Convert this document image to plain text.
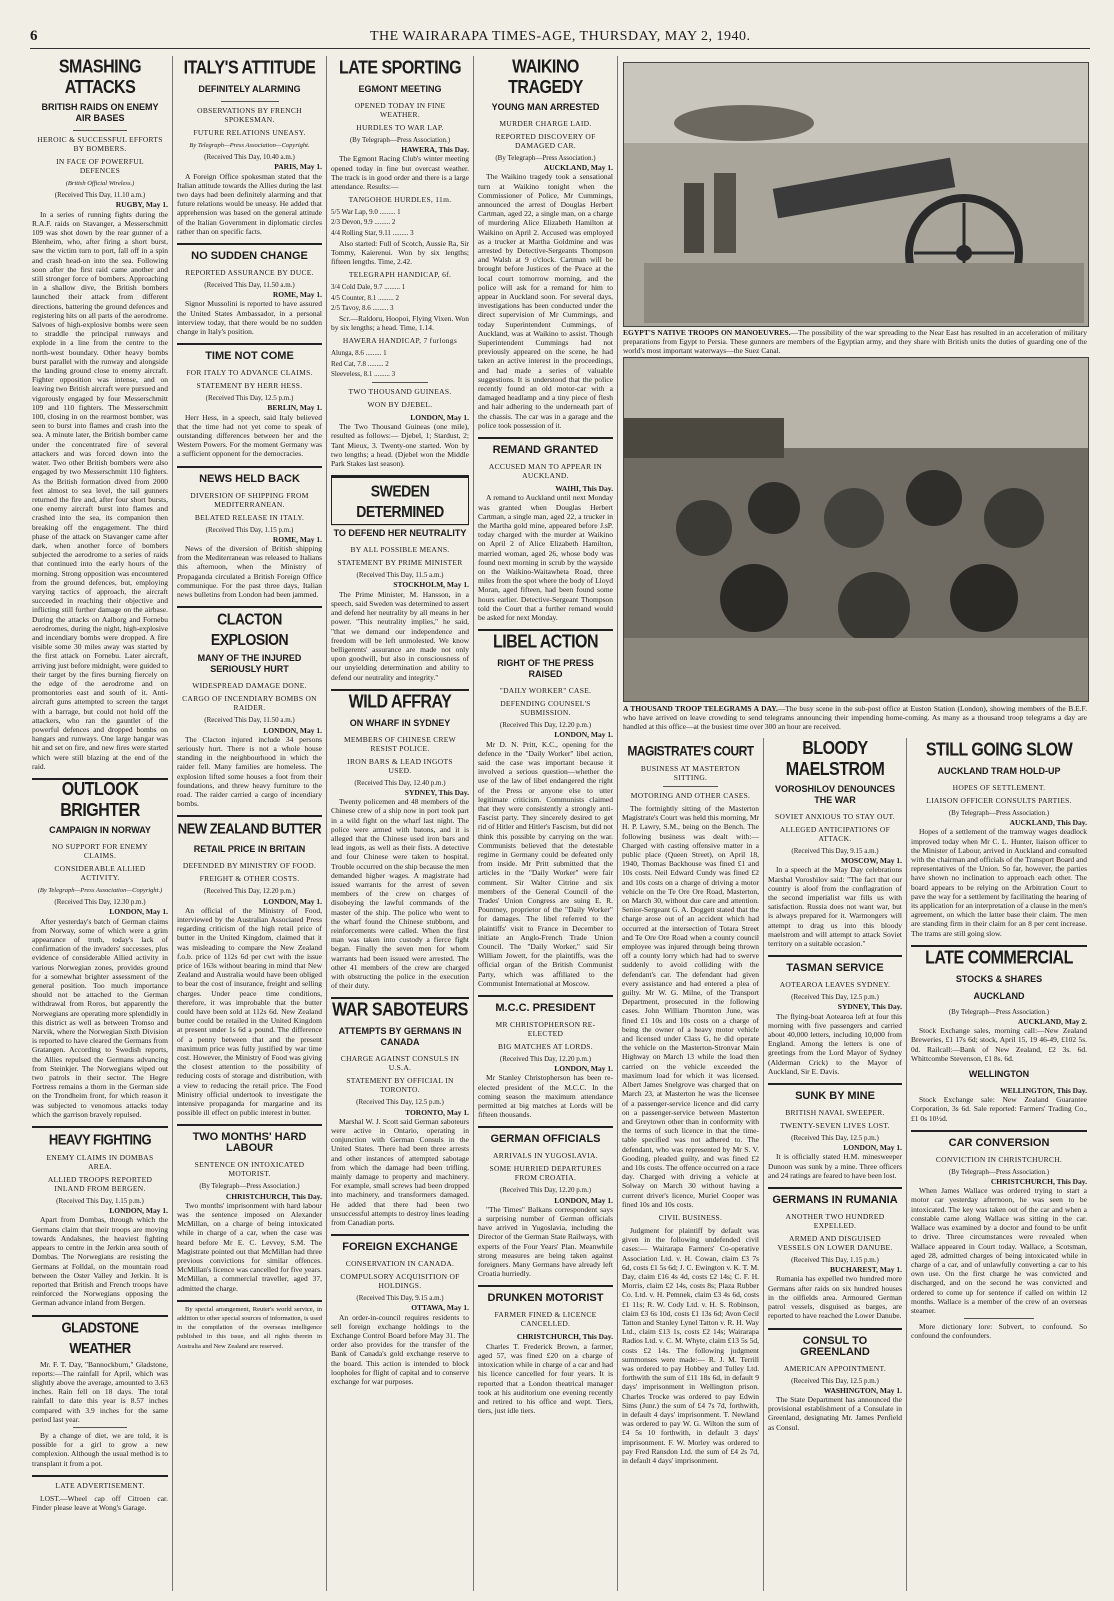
6	THE WAIRARAPA TIMES-AGE, THURSDAY, MAY 2, 1940.
SMASHING ATTACKS
BRITISH RAIDS ON ENEMY AIR BASES
HEROIC & SUCCESSFUL EFFORTS BY BOMBERS.
IN FACE OF POWERFUL DEFENCES
(British Official Wireless.)
(Received This Day, 11.10 a.m.)
RUGBY, May 1.

In a series of running fights during the R.A.F. raids on Stavanger, a Messerschmitt 109 was shot down by the rear gunner of a Blenheim, who, after firing a short burst, saw the victim turn to port, fall off in a spin and crash head-on into the sea. Following soon after the first raid came another and still stronger force of bombers. Approaching in a shallow dive, the British bombers launched their attack from different directions, battering the ground defences and registering hits on all parts of the aerodrome. Salvoes of high-explosive bombs were seen to straddle the principal runways and explode in a line from the centre to the north-west boundary. Other heavy bombs burst parallel with the runway and alongside the landing ground close to enemy aircraft. Fighter opposition was intense, and on leaving two British aircraft were pursued and vigorously engaged by four Messerschmitt 109 and 110 fighters. The Messerschmitt 100, closing in on the rearmost bomber, was seen to burst into flames and crash into the sea. A minute later, the British bomber came under the concentrated fire of several attackers and was forced down into the water. Two other British bombers were also engaged by two Messerschmitt 110 fighters. As the British formation dived from 2000 feet almost to sea level, the tail gunners returned the fire and, after four short bursts, one enemy aircraft burst into flames and crashed into the sea, its companion then breaking off the engagement. The third phase of the attack on Stavanger came after dark, when another force of bombers subjected the aerodrome to a series of raids that continued into the early hours of the morning. Strong opposition was encountered from the ground defences, but, employing varying tactics of approach, the aircraft succeeded in reaching their objective and inflicting still further damage on the airbase. During the attacks on Aalborg and Fornebu aerodromes, during the night, high-explosive and incendiary bombs were dropped. A fire visible some 30 miles away was started by the first attack on Fornebu. Later aircraft, arriving just before midnight, were guided to their target by the fires burning fiercely on the edge of the aerodrome and on promontories east and south of it. Anti-aircraft guns attempted to screen the target with a barrage, but could not hold off the attackers, who ran the gauntlet of the powerful defences and dropped bombs on hangars and runways. One large hangar was hit and set on fire, and new fires were started which were still blazing at the end of the raid.

OUTLOOK BRIGHTER
CAMPAIGN IN NORWAY
NO SUPPORT FOR ENEMY CLAIMS.
CONSIDERABLE ALLIED ACTIVITY.
(By Telegraph—Press Association—Copyright.)
(Received This Day, 12.30 p.m.)
LONDON, May 1.

After yesterday's batch of German claims from Norway, some of which were a grim appearance of truth, today's lack of confirmation of the invaders' successes, plus evidence of considerable Allied activity in various Norwegian zones, provides ground for a somewhat brighter assessment of the general position. Too much importance should not be attached to the German withdrawal from Roros, but apparently the Norwegians are operating more splendidly in this district as well as between Tromso and Narvik, where the Norwegian Sixth Division is reported to have cleared the Germans from Gratangen. According to Swedish reports, the Allies repulsed the Germans advancing from Steinkjer. The Norwegians wiped out two patrols in their sector. The Hegre Fortress remains a thorn in the German side on the Trondheim front, for which reason it was subjected to venomous attacks today which the garrison bravely repulsed.

HEAVY FIGHTING
ENEMY CLAIMS IN DOMBAS AREA.
ALLIED TROOPS REPORTED INLAND FROM BERGEN.
(Received This Day, 1.15 p.m.)
LONDON, May 1.

Apart from Dombas, through which the Germans claim that their troops are moving towards Andalsnes, the heaviest fighting appears to centre in the Jerkin area south of Dombas. The Norwegians are resisting the Germans at Folldal, on the mountain road between the Oster Valley and Jerkin. It is reported that British and French troops have reinforced the Norwegians opposing the German advance inland from Bergen.

GLADSTONE WEATHER

Mr. F. T. Day, "Bannockburn," Gladstone, reports:—The rainfall for April, which was slightly above the average, amounted to 3.63 inches. Rain fell on 18 days. The total rainfall to date this year is 8.57 inches compared with 3.9 inches for the same period last year.

By a change of diet, we are told, it is possible for a girl to grow a new complexion. Although the usual method is to transplant it from a pot.

LATE ADVERTISEMENT.

LOST.—Wheel cap off Citroen car. Finder please leave at Wong's Garage.

ITALY'S ATTITUDE
DEFINITELY ALARMING
OBSERVATIONS BY FRENCH SPOKESMAN.
FUTURE RELATIONS UNEASY.
By Telegraph—Press Association—Copyright.
(Received This Day, 10.40 a.m.)
PARIS, May 1.

A Foreign Office spokesman stated that the Italian attitude towards the Allies during the last two days had been definitely alarming and that future relations would be uneasy. He added that apprehension was based on the general attitude of the Italian Government in diplomatic circles rather than on specific facts.

NO SUDDEN CHANGE
REPORTED ASSURANCE BY DUCE.
(Received This Day, 11.50 a.m.)
ROME, May 1.

Signor Mussolini is reported to have assured the United States Ambassador, in a personal interview today, that there would be no sudden change in Italy's position.

TIME NOT COME
FOR ITALY TO ADVANCE CLAIMS.
STATEMENT BY HERR HESS.
(Received This Day, 12.5 p.m.)
BERLIN, May 1.

Herr Hess, in a speech, said Italy believed that the time had not yet come to speak of outstanding differences between her and the Western Powers. For the moment Germany was a sufficient opponent for the democracies.

NEWS HELD BACK
DIVERSION OF SHIPPING FROM MEDITERRANEAN.
BELATED RELEASE IN ITALY.
(Received This Day, 1.15 p.m.)
ROME, May 1.

News of the diversion of British shipping from the Mediterranean was released to Italians this afternoon, when the Ministry of Propaganda circulated a British Foreign Office communique. For the past three days, Italian news bulletins from London had been jammed.

CLACTON EXPLOSION
MANY OF THE INJURED SERIOUSLY HURT
WIDESPREAD DAMAGE DONE.
CARGO OF INCENDIARY BOMBS ON RAIDER.
(Received This Day, 11.50 a.m.)
LONDON, May 1.

The Clacton injured include 34 persons seriously hurt. There is not a whole house standing in the neighbourhood in which the raider fell. Many families are homeless. The explosion lifted some houses a foot from their foundations, and threw heavy furniture to the road. The raider carried a cargo of incendiary bombs.

NEW ZEALAND BUTTER
RETAIL PRICE IN BRITAIN
DEFENDED BY MINISTRY OF FOOD.
FREIGHT & OTHER COSTS.
(Received This Day, 12.20 p.m.)
LONDON, May 1.

An official of the Ministry of Food, interviewed by the Australian Associated Press regarding criticism of the high retail price of butter in the United Kingdom, claimed that it was misleading to compare the New Zealand f.o.b. price of 112s 6d per cwt with the issue price of 163s without bearing in mind that New Zealand and Australia would have been obliged to bear the cost of insurance, freight and selling charges. Under peace time conditions, therefore, it was improbable that the butter could have been sold at 112s 6d. New Zealand butter could be retailed in the United Kingdom at present under 1s 6d a pound. The difference of a penny between that and the present maximum price was fully justified by war time cost. However, the Ministry of Food was giving the closest attention to the possibility of reducing costs of storage and distribution, with a view to reducing the retail price. The Food Ministry official undertook to investigate the intensive propaganda for margarine and its possible ill effect on public interest in butter.

TWO MONTHS' HARD LABOUR
SENTENCE ON INTOXICATED MOTORIST.
(By Telegraph—Press Association.)
CHRISTCHURCH, This Day.

Two months' imprisonment with hard labour was the sentence imposed on Alexander McMillan, on a charge of being intoxicated while in charge of a car, when the case was heard before Mr E. C. Levvey, S.M. The Magistrate pointed out that McMillan had three previous convictions for similar offences. McMillan's licence was cancelled for five years. McMillan, a commercial traveller, aged 37, admitted the charge.

By special arrangement, Reuter's world service, in addition to other special sources of information, is used in the compilation of the overseas intelligence published in this issue, and all rights therein in Australia and New Zealand are reserved.

LATE SPORTING
EGMONT MEETING
OPENED TODAY IN FINE WEATHER.
HURDLES TO WAR LAP.
(By Telegraph—Press Association.)
HAWERA, This Day.

The Egmont Racing Club's winter meeting opened today in fine but overcast weather. The track is in good order and there is a large attendance. Results:—

TANGOHOE HURDLES, 11m.
5/5 War Lap, 9.0 ......... 1
2/3 Devon, 9.9 ......... 2
4/4 Rolling Star, 9.11 ......... 3

Also started: Full of Scotch, Aussie Ra, Sir Tommy, Kaierenui. Won by six lengths; fifteen lengths. Time, 2.42.

TELEGRAPH HANDICAP, 6f.
3/4 Cold Dale, 9.7 ......... 1
4/5 Counter, 8.1 ......... 2
2/5 Tavoy, 8.6 ......... 3

Scr.—Raldoru, Hoopoi, Flying Vixen. Won by six lengths; a head. Time, 1.14.

HAWERA HANDICAP, 7 furlongs
Alunga, 8.6 ......... 1
Red Cat, 7.8 ......... 2
Sleeveless, 8.1 ......... 3
TWO THOUSAND GUINEAS.
WON BY DJEBEL.
LONDON, May 1.

The Two Thousand Guineas (one mile), resulted as follows:— Djebel, 1; Stardust, 2; Tant Mieux, 3. Twenty-one started. Won by two lengths; a head. (Djebel won the Middle Park Stakes last season).

SWEDEN DETERMINED
TO DEFEND HER NEUTRALITY
BY ALL POSSIBLE MEANS.
STATEMENT BY PRIME MINISTER
(Received This Day, 11.5 a.m.)
STOCKHOLM, May 1.

The Prime Minister, M. Hansson, in a speech, said Sweden was determined to assert and defend her neutrality by all means in her power. "This neutrality implies," he said, "that we demand our independence and freedom will be left unmolested. We know belligerents' assurance are made not only upon goodwill, but also in consciousness of our unyielding determination and ability to defend our neutrality and integrity."

WILD AFFRAY
ON WHARF IN SYDNEY
MEMBERS OF CHINESE CREW RESIST POLICE.
IRON BARS & LEAD INGOTS USED.
(Received This Day, 12.40 p.m.)
SYDNEY, This Day.

Twenty policemen and 48 members of the Chinese crew of a ship now in port took part in a wild fight on the wharf last night. The police were armed with batons, and it is alleged that the Chinese used iron bars and lead ingots, as well as their fists. A detective and four Chinese were taken to hospital. Trouble occurred on the ship because the men demanded higher wages. A magistrate had issued warrants for the arrest of seven members of the crew on charges of disobeying the lawful commands of the master of the ship. The police who went to the wharf found the Chinese stubborn, and reinforcements were called. When the first man was taken into custody a fierce fight began. Finally the seven men for whom warrants had been issued were arrested. The other 41 members of the crew are charged with obstructing the police in the execution of their duty.

WAR SABOTEURS
ATTEMPTS BY GERMANS IN CANADA
CHARGE AGAINST CONSULS IN U.S.A.
STATEMENT BY OFFICIAL IN TORONTO.
(Received This Day, 12.5 p.m.)
TORONTO, May 1.

Marshal W. J. Scott said German saboteurs were active in Ontario, operating in conjunction with German Consuls in the United States. There had been three arrests and other instances of attempted sabotage from which the damage had been trifling, mainly damage to property and machinery. For example, small screws had been dropped into machinery, and transformers damaged. He added that there had been two unsuccessful attempts to destroy lines leading from Canadian ports.

FOREIGN EXCHANGE
CONSERVATION IN CANADA.
COMPULSORY ACQUISITION OF HOLDINGS.
(Received This Day, 9.15 a.m.)
OTTAWA, May 1.

An order-in-council requires residents to sell foreign exchange holdings to the Exchange Control Board before May 31. The order also provides for the transfer of the Bank of Canada's gold exchange reserve to the board. This action is intended to block loopholes for flight of capital and to conserve exchange for war purposes.

WAIKINO TRAGEDY
YOUNG MAN ARRESTED
MURDER CHARGE LAID.
REPORTED DISCOVERY OF DAMAGED CAR.
(By Telegraph—Press Association.)
AUCKLAND, May 1.

The Waikino tragedy took a sensational turn at Waikino tonight when the Commissioner of Police, Mr Cummings, announced the arrest of Douglas Herbert Cartman, aged 22, a single man, on a charge of murdering Alice Elizabeth Hamilton at Waikino on April 2. Accused was employed as a trucker at Martha Goldmine and was arrested by Detective-Sergeants Thompson and Walsh at 9 o'clock. Cartman will be brought before Justices of the Peace at the local court tomorrow morning, and the police will ask for a remand for him to appear in Auckland soon. For several days, investigations has been conducted under the direct supervision of Mr Cummings, and today Superintendent Cummings, of Auckland, was at Waikino to assist. Though Superintendent Cummings had not previously appeared on the scene, he had taken an active interest in the proceedings, and had made a series of valuable suggestions. It is understood that the police recently found an old motor-car with a damaged headlamp and a tiny piece of flesh and hair adhering to the underneath part of the chassis. The car was in a garage and the police took possession of it.

REMAND GRANTED
ACCUSED MAN TO APPEAR IN AUCKLAND.
WAIHI, This Day.

A remand to Auckland until next Monday was granted when Douglas Herbert Cartman, a single man, aged 22, a trucker in the Martha gold mine, appeared before J.sP. today charged with the murder at Waikino on April 2 of Alice Elizabeth Hamilton, married woman, aged 26, whose body was found next morning in scrub by the wayside on the Waikino-Waitawheta Road, three miles from the spot where the body of Lloyd Moran, aged fifteen, had been found some hours earlier. Detective-Sergeant Thompson told the Court that a further remand would be asked for next Monday.

LIBEL ACTION
RIGHT OF THE PRESS RAISED
"DAILY WORKER" CASE.
DEFENDING COUNSEL'S SUBMISSION.
(Received This Day, 12.20 p.m.)
LONDON, May 1.

Mr D. N. Pritt, K.C., opening for the defence in the "Daily Worker" libel action, said the case was important because it involved a serious question—whether the use of the law of libel endangered the right of the Press or anyone else to utter legitimate criticism. Communists claimed that they were consistently a strongly anti-Fascist party. They sincerely desired to get rid of Hitler and Hitler's Fascism, but did not think this possible by carrying on the war. Communists believed that the detestable regime in Germany could be defeated only from inside. Mr Pritt submitted that the articles in the "Daily Worker" were fair comment. Sir Walter Citrine and six members of the General Council of the Trades' Union Congress are suing E. R. Pountney, proprietor of the "Daily Worker" for damages. The libel referred to the plaintiffs' visit to France in December to initiate an Anglo-French Trade Union Council. The "Daily Worker," said Sir William Jowett, for the plaintiffs, was the official organ of the British Communist Party, which was affiliated to the Communist International at Moscow.

M.C.C. PRESIDENT
MR CHRISTOPHERSON RE-ELECTED
BIG MATCHES AT LORDS.
(Received This Day, 12.20 p.m.)
LONDON, May 1.

Mr Stanley Christopherson has been re-elected president of the M.C.C. In the coming season the maximum attendance permitted at big matches at Lords will be fifteen thousands.

GERMAN OFFICIALS
ARRIVALS IN YUGOSLAVIA.
SOME HURRIED DEPARTURES FROM CROATIA.
(Received This Day, 12.20 p.m.)
LONDON, May 1.

"The Times" Balkans correspondent says a surprising number of German officials have arrived in Yugoslavia, including the Director of the German State Railways, with experts of the Four Years' Plan. Meanwhile strong measures are being taken against foreigners. Many Germans have already left Croatia hurriedly.

DRUNKEN MOTORIST
FARMER FINED & LICENCE CANCELLED.
CHRISTCHURCH, This Day.

Charles T. Frederick Brown, a farmer, aged 57, was fined £20 on a charge of intoxication while in charge of a car and had his licence cancelled for four years. It is reported that a London theatrical manager took at his auditorium one evening recently and retired to his office and wept. Tiers, tiers, just idle tiers.

EGYPT'S NATIVE TROOPS ON MANOEUVRES.—The possibility of the war spreading to the Near East has resulted in an acceleration of military preparations from Egypt to Persia. These gunners are members of the Egyptian army, and they share with British units the duties of guarding one of the world's most important waterways—the Suez Canal.
A THOUSAND TROOP TELEGRAMS A DAY.—The busy scene in the sub-post office at Euston Station (London), showing members of the B.E.F. who have arrived on leave crowding to send telegrams announcing their impending home-coming. As many as a thousand troop telegrams a day are handled at this office—at the busiest time over 300 an hour are received.
MAGISTRATE'S COURT
BUSINESS AT MASTERTON SITTING.
MOTORING AND OTHER CASES.

The fortnightly sitting of the Masterton Magistrate's Court was held this morning, Mr H. P. Lawry, S.M., being on the Bench. The following business was dealt with:— Charged with casting offensive matter in a public place (Queen Street), on April 18, 1940, Thomas Backhouse was fined £1 and 10s costs. Neil Edward Cundy was fined £2 and 10s costs on a charge of driving a motor vehicle on the Te Ore Ore Road, Masterton, on March 30, without due care and attention. Senior-Sergeant G. A. Doggett stated that the charge arose out of an accident which had occurred at the intersection of Totara Street and Te Ore Ore Road when a county council employee was injured through being thrown off a county lorry which had had to swerve suddenly to avoid colliding with the defendant's car. The defendant had given every assistance and had entered a plea of guilty. Mr W. G. Milne, of the Transport Department, prosecuted in the following cases. John William Thornton June, was fined £1 10s and 10s costs on a charge of being the owner of a heavy motor vehicle and licensed under Class G, he did operate the vehicle on the Masterton-Stronvar Main Highway on March 13 while the load then carried on the vehicle exceeded the maximum load for which it was licensed. Albert James Snelgrove was charged that on March 23, at Masterton he was the licensee of a passenger-service licence and did carry on a passenger-service between Masterton and Greytown other than in conformity with the terms of such licence in that the time-table specified was not adhered to. The defendant, who was represented by Mr S. V. Gooding, pleaded guilty, and was fined £2 and 10s costs. The offence occurred on a race day. Charged with driving a vehicle at Solway on March 30 without having a current driver's licence, Muriel Cooper was fined 10s and 10s costs.

CIVIL BUSINESS.

Judgment for plaintiff by default was given in the following undefended civil cases:— Wairarapa Farmers' Co-operative Association Ltd. v. H. Cowan, claim £3 7s 6d, costs £1 5s 6d; J. C. Ewington v. K. T. M. Day, claim £16 4s 4d, costs £2 14s; C. F. H. Morris, claim £2 14s, costs 8s; Plaza Rubber Co. Ltd. v. H. Pemnek, claim £3 4s 6d, costs £1 11s; R. W. Cody Ltd. v. H. S. Robinson, claim £3 6s 10d, costs £1 13s 6d; Avon Cecil Tatton and Stanley Lynel Tatton v. R. H. Way Ltd., claim £13 1s, costs £2 14s; Wairarapa Radios Ltd. v. C. M. Whyte, claim £13 5s 5d, costs £2 14s. The following judgment summonses were made:— R. J. M. Terrill was ordered to pay Hobbey and Tulley Ltd. forthwith the sum of £11 18s 6d, in default 9 days' imprisonment in Wellington prison. Charles Trocke was ordered to pay Edwin Sims (Junr.) the sum of £4 7s 7d, forthwith, in default 4 days' imprisonment. T. Newland was ordered to pay W. G. Wilton the sum of £4 5s 10 forthwith, in default 3 days' imprisonment. F. W. Morley was ordered to pay Fred Ransdon Ltd. the sum of £4 2s 7d, in default 4 days' imprisonment.

BLOODY MAELSTROM
VOROSHILOV DENOUNCES THE WAR
SOVIET ANXIOUS TO STAY OUT.
ALLEGED ANTICIPATIONS OF ATTACK.
(Received This Day, 9.15 a.m.)
MOSCOW, May 1.

In a speech at the May Day celebrations Marshal Voroshilov said: "The fact that our country is aloof from the conflagration of the second imperialist war fills us with satisfaction. Russia does not want war, but is always prepared for it. Warmongers will attempt to drag us into this bloody maelstrom and will attempt to attack Soviet territory on a suitable occasion."

TASMAN SERVICE
AOTEAROA LEAVES SYDNEY.
(Received This Day, 12.5 p.m.)
SYDNEY, This Day.

The flying-boat Aotearoa left at four this morning with five passengers and carried about 40,000 letters, including 10,000 from England. Among the letters is one of greetings from the Lord Mayor of Sydney (Alderman Crick) to the Mayor of Auckland, Sir E. Davis.

SUNK BY MINE
BRITISH NAVAL SWEEPER.
TWENTY-SEVEN LIVES LOST.
(Received This Day, 12.5 p.m.)
LONDON, May 1.

It is officially stated H.M. minesweeper Dunoon was sunk by a mine. Three officers and 24 ratings are feared to have been lost.

GERMANS IN RUMANIA
ANOTHER TWO HUNDRED EXPELLED.
ARMED AND DISGUISED VESSELS ON LOWER DANUBE.
(Received This Day, 1.15 p.m.)
BUCHAREST, May 1.

Rumania has expelled two hundred more Germans after raids on six hundred houses in the oilfields area. Armoured German patrol vessels, disguised as barges, are reported to have reached the Lower Danube.

CONSUL TO GREENLAND
AMERICAN APPOINTMENT.
(Received This Day, 12.5 p.m.)
WASHINGTON, May 1.

The State Department has announced the provisional establishment of a Consulate in Greenland, designating Mr. James Penfield as Consul.

STILL GOING SLOW
AUCKLAND TRAM HOLD-UP
HOPES OF SETTLEMENT.
LIAISON OFFICER CONSULTS PARTIES.
(By Telegraph—Press Association.)
AUCKLAND, This Day.

Hopes of a settlement of the tramway wages deadlock improved today when Mr C. L. Hunter, liaison officer to the Minister of Labour, arrived in Auckland and consulted with the chairman and officials of the Transport Board and representatives of the Union. So far, however, the parties have shown no inclination to approach each other. The board appears to be relying on the Arbitration Court to pave the way for a settlement by facilitating the hearing of its application for an interpretation of a clause in the men's agreement, on which the latter base their claim. The men are standing firm in their claim for an 8 per cent increase. The trams are still going slow.

LATE COMMERCIAL
STOCKS & SHARES
AUCKLAND
(By Telegraph—Press Association.)
AUCKLAND, May 2.

Stock Exchange sales, morning call:—New Zealand Breweries, £1 17s 6d; stock, April 15, 19 46-49, £102 5s. 0d. Railcall:—Bank of New Zealand, £2 3s. 6d. Whittcombe Stevenson, £1 8s. 6d.

WELLINGTON
WELLINGTON, This Day.

Stock Exchange sale: New Zealand Guarantee Corporation, 3s 6d. Sale reported: Farmers' Trading Co., £1 0s 10½d.

CAR CONVERSION
CONVICTION IN CHRISTCHURCH.
(By Telegraph—Press Association.)
CHRISTCHURCH, This Day.

When James Wallace was ordered trying to start a motor car yesterday afternoon, he was seen to be intoxicated. The key was taken out of the car and when a constable came along Wallace was sitting in the car. Wallace was examined by a doctor and found to be unfit to drive. Three circumstances were revealed when Wallace appeared in Court today. Wallace, a Scotsman, aged 28, admitted charges of being intoxicated while in charge of a car, and of unlawfully converting a car to his own use. On the first charge he was convicted and discharged, and on the second he was convicted and ordered to come up for sentence if called on within 12 months. Wallace is a member of the crew of an overseas steamer.

More dictionary lore: Subvert, to confound. So confound the confounders.
